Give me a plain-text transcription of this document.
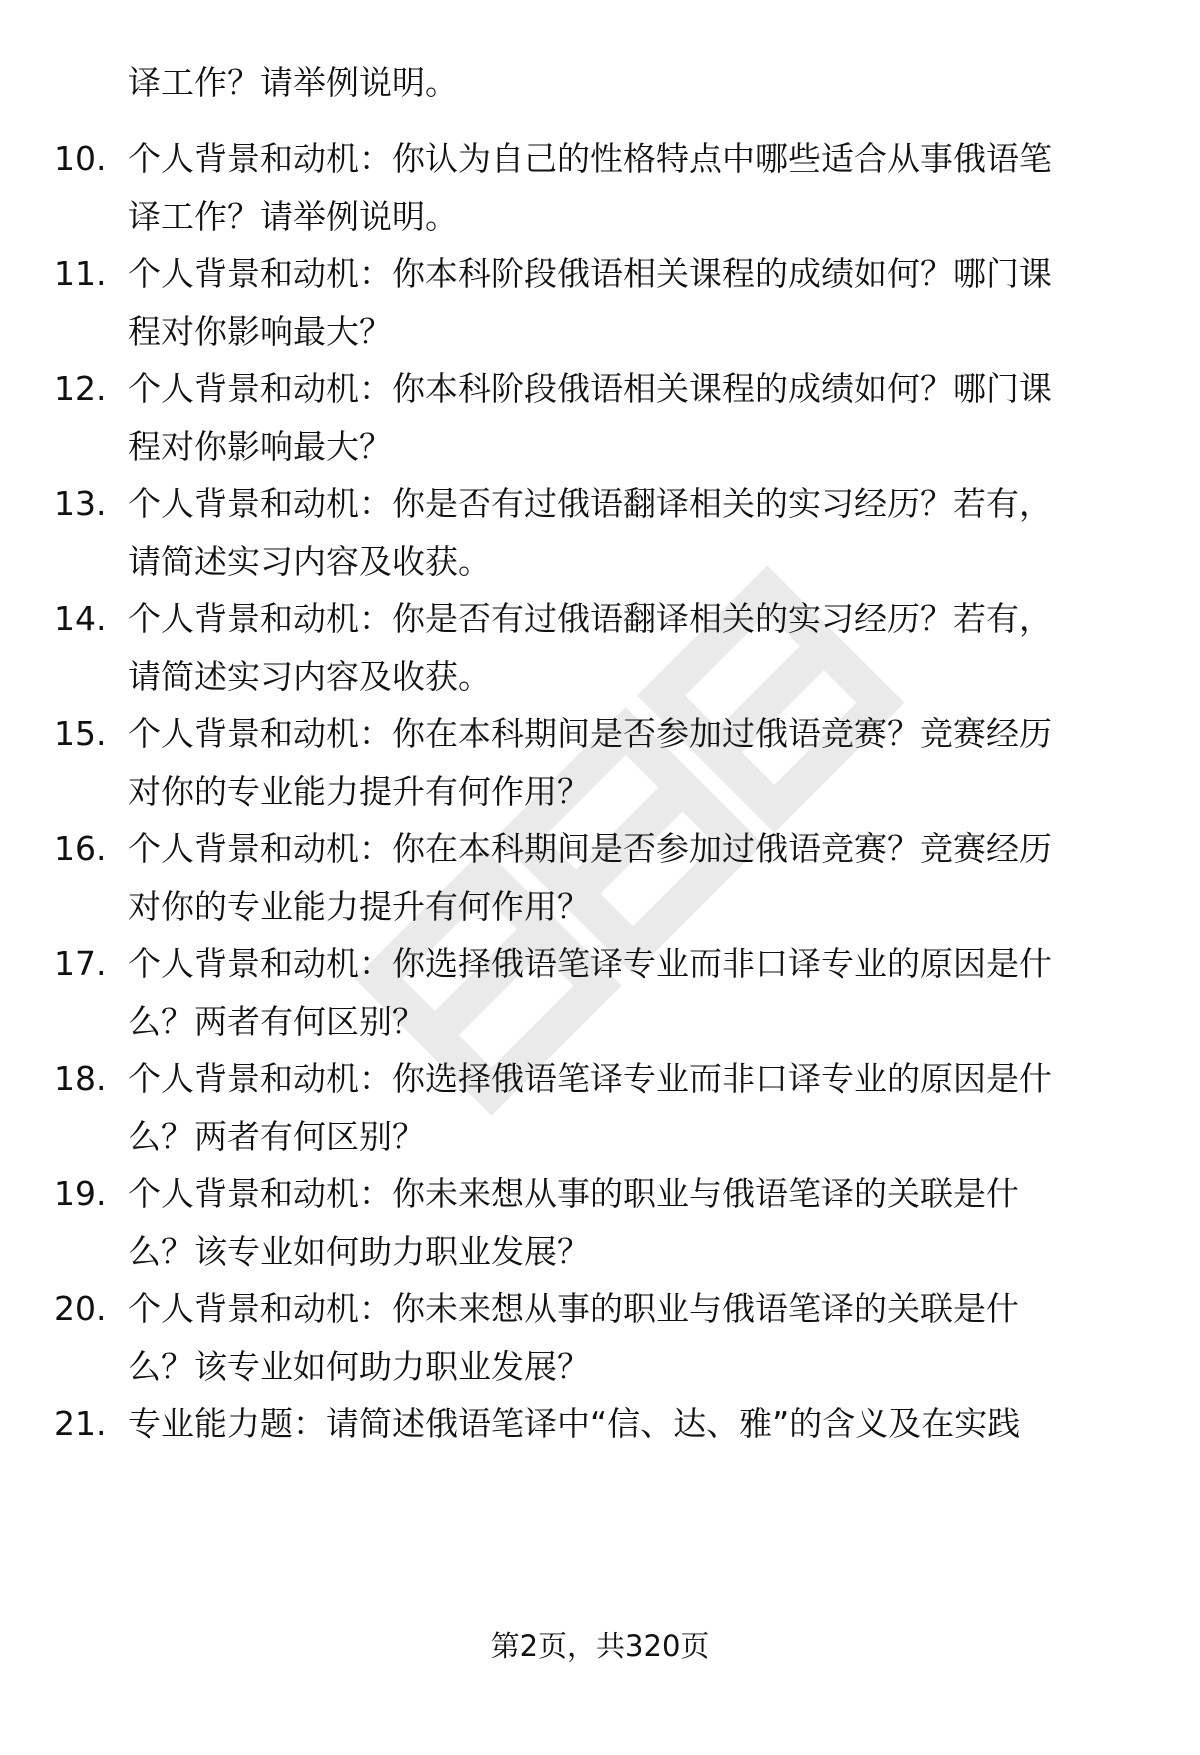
译工作？请举例说明。
10. 个人背景和动机：你认为自己的性格特点中哪些适合从事俄语笔
译工作？请举例说明。
11. 个人背景和动机：你本科阶段俄语相关课程的成绩如何？哪门课
程对你影响最大？
12. 个人背景和动机：你本科阶段俄语相关课程的成绩如何？哪门课
程对你影响最大？
13. 个人背景和动机：你是否有过俄语翻译相关的实习经历？若有，
请简述实习内容及收获。
14. 个人背景和动机：你是否有过俄语翻译相关的实习经历？若有，
请简述实习内容及收获。
15. 个人背景和动机：你在本科期间是否参加过俄语竞赛？竞赛经历
对你的专业能力提升有何作用？
16. 个人背景和动机：你在本科期间是否参加过俄语竞赛？竞赛经历
对你的专业能力提升有何作用？
17. 个人背景和动机：你选择俄语笔译专业而非口译专业的原因是什
么？两者有何区别？
18. 个人背景和动机：你选择俄语笔译专业而非口译专业的原因是什
么？两者有何区别？
19. 个人背景和动机：你未来想从事的职业与俄语笔译的关联是什
么？该专业如何助力职业发展？
20. 个人背景和动机：你未来想从事的职业与俄语笔译的关联是什
么？该专业如何助力职业发展？
21. 专业能力题：请简述俄语笔译中“信、达、雅”的含义及在实践
第2页，共320页
